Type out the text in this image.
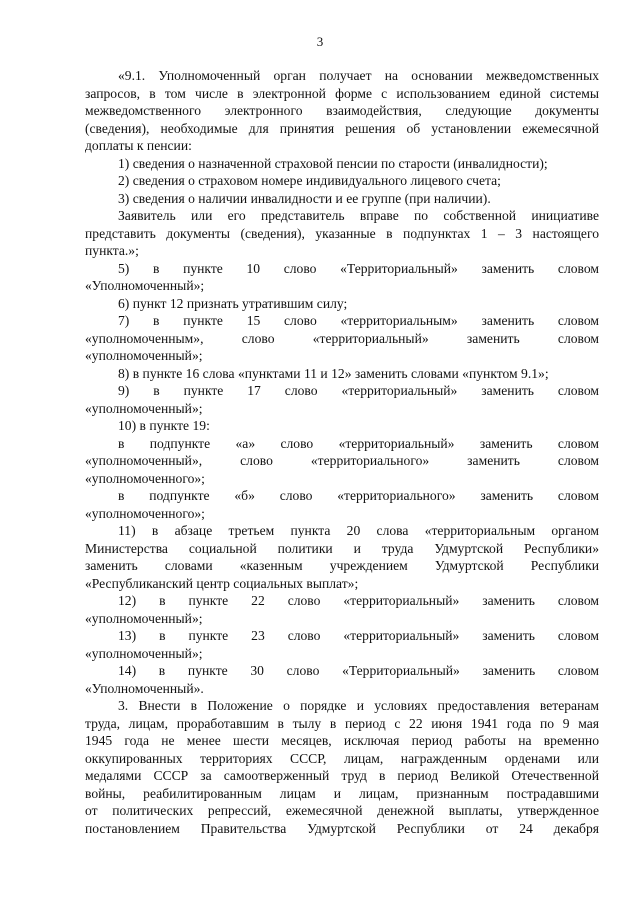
3
«9.1. Уполномоченный орган получает на основании межведомственных
запросов, в том числе в электронной форме с использованием единой системы
межведомственного электронного взаимодействия, следующие документы
(сведения), необходимые для принятия решения об установлении ежемесячной
доплаты к пенсии:
1) сведения о назначенной страховой пенсии по старости (инвалидности);
2) сведения о страховом номере индивидуального лицевого счета;
3) сведения о наличии инвалидности и ее группе (при наличии).
Заявитель или его представитель вправе по собственной инициативе
представить документы (сведения), указанные в подпунктах 1 – 3 настоящего
пункта.»;
5) в пункте 10 слово «Территориальный» заменить словом
«Уполномоченный»;
6) пункт 12 признать утратившим силу;
7) в пункте 15 слово «территориальным» заменить словом
«уполномоченным», слово «территориальный» заменить словом
«уполномоченный»;
8) в пункте 16 слова «пунктами 11 и 12» заменить словами «пунктом 9.1»;
9) в пункте 17 слово «территориальный» заменить словом
«уполномоченный»;
10) в пункте 19:
в подпункте «а» слово «территориальный» заменить словом
«уполномоченный», слово «территориального» заменить словом
«уполномоченного»;
в подпункте «б» слово «территориального» заменить словом
«уполномоченного»;
11) в абзаце третьем пункта 20 слова «территориальным органом
Министерства социальной политики и труда Удмуртской Республики»
заменить словами «казенным учреждением Удмуртской Республики
«Республиканский центр социальных выплат»;
12) в пункте 22 слово «территориальный» заменить словом
«уполномоченный»;
13) в пункте 23 слово «территориальный» заменить словом
«уполномоченный»;
14) в пункте 30 слово «Территориальный» заменить словом
«Уполномоченный».
3. Внести в Положение о порядке и условиях предоставления ветеранам
труда, лицам, проработавшим в тылу в период с 22 июня 1941 года по 9 мая
1945 года не менее шести месяцев, исключая период работы на временно
оккупированных территориях СССР, лицам, награжденным орденами или
медалями СССР за самоотверженный труд в период Великой Отечественной
войны, реабилитированным лицам и лицам, признанным пострадавшими
от политических репрессий, ежемесячной денежной выплаты, утвержденное
постановлением Правительства Удмуртской Республики от 24 декабря
